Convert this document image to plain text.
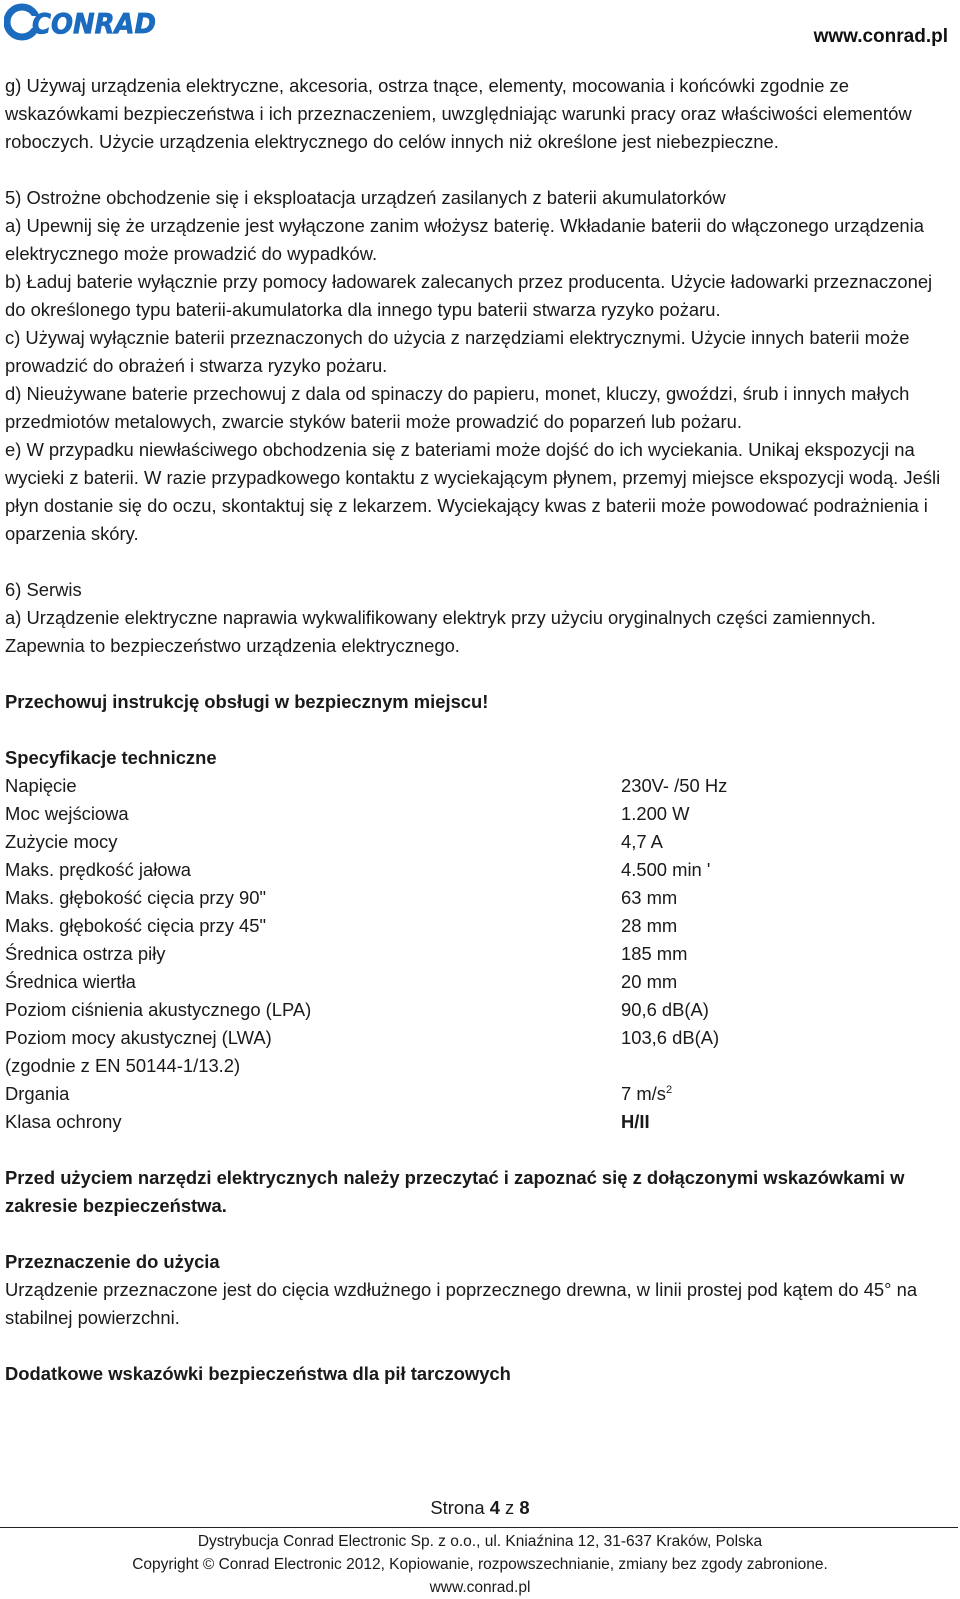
CONRAD	www.conrad.pl

g) Używaj urządzenia elektryczne, akcesoria, ostrza tnące, elementy, mocowania i końcówki zgodnie ze wskazówkami bezpieczeństwa i ich przeznaczeniem, uwzględniając warunki pracy oraz właściwości elementów roboczych. Użycie urządzenia elektrycznego do celów innych niż określone jest niebezpieczne.

5) Ostrożne obchodzenie się i eksploatacja urządzeń zasilanych z baterii akumulatorków

a) Upewnij się że urządzenie jest wyłączone zanim włożysz baterię. Wkładanie baterii do włączonego urządzenia elektrycznego może prowadzić do wypadków.

b) Ładuj baterie wyłącznie przy pomocy ładowarek zalecanych przez producenta. Użycie ładowarki przeznaczonej do określonego typu baterii-akumulatorka dla innego typu baterii stwarza ryzyko pożaru.

c) Używaj wyłącznie baterii przeznaczonych do użycia z narzędziami elektrycznymi. Użycie innych baterii może prowadzić do obrażeń i stwarza ryzyko pożaru.

d) Nieużywane baterie przechowuj z dala od spinaczy do papieru, monet, kluczy, gwoździ, śrub i innych małych przedmiotów metalowych, zwarcie styków baterii może prowadzić do poparzeń lub pożaru.

e) W przypadku niewłaściwego obchodzenia się z bateriami może dojść do ich wyciekania. Unikaj ekspozycji na wycieki z baterii. W razie przypadkowego kontaktu z wyciekającym płynem, przemyj miejsce ekspozycji wodą. Jeśli płyn dostanie się do oczu, skontaktuj się z lekarzem. Wyciekający kwas z baterii może powodować podrażnienia i oparzenia skóry.

6) Serwis

a) Urządzenie elektryczne naprawia wykwalifikowany elektryk przy użyciu oryginalnych części zamiennych. Zapewnia to bezpieczeństwo urządzenia elektrycznego.

Przechowuj instrukcję obsługi w bezpiecznym miejscu!

Specyfikacje techniczne

Napięcie	230V- /50 Hz
Moc wejściowa	1.200 W
Zużycie mocy	4,7 A
Maks. prędkość jałowa	4.500 min '
Maks. głębokość cięcia przy 90"	63 mm
Maks. głębokość cięcia przy 45"	28 mm
Średnica ostrza piły	185 mm
Średnica wiertła	20 mm
Poziom ciśnienia akustycznego (LPA)	90,6 dB(A)
Poziom mocy akustycznej (LWA)	103,6 dB(A)
(zgodnie z EN 50144-1/13.2)
Drgania	7 $m/s^2$
Klasa ochrony	H/II

Przed użyciem narzędzi elektrycznych należy przeczytać i zapoznać się z dołączonymi wskazówkami w zakresie bezpieczeństwa.

Przeznaczenie do użycia

Urządzenie przeznaczone jest do cięcia wzdłużnego i poprzecznego drewna, w linii prostej pod kątem do 45° na stabilnej powierzchni.

Dodatkowe wskazówki bezpieczeństwa dla pił tarczowych

Strona 4 z 8
Dystrybucja Conrad Electronic Sp. z o.o., ul. Kniaźnina 12, 31-637 Kraków, Polska
Copyright © Conrad Electronic 2012, Kopiowanie, rozpowszechnianie, zmiany bez zgody zabronione.
www.conrad.pl
